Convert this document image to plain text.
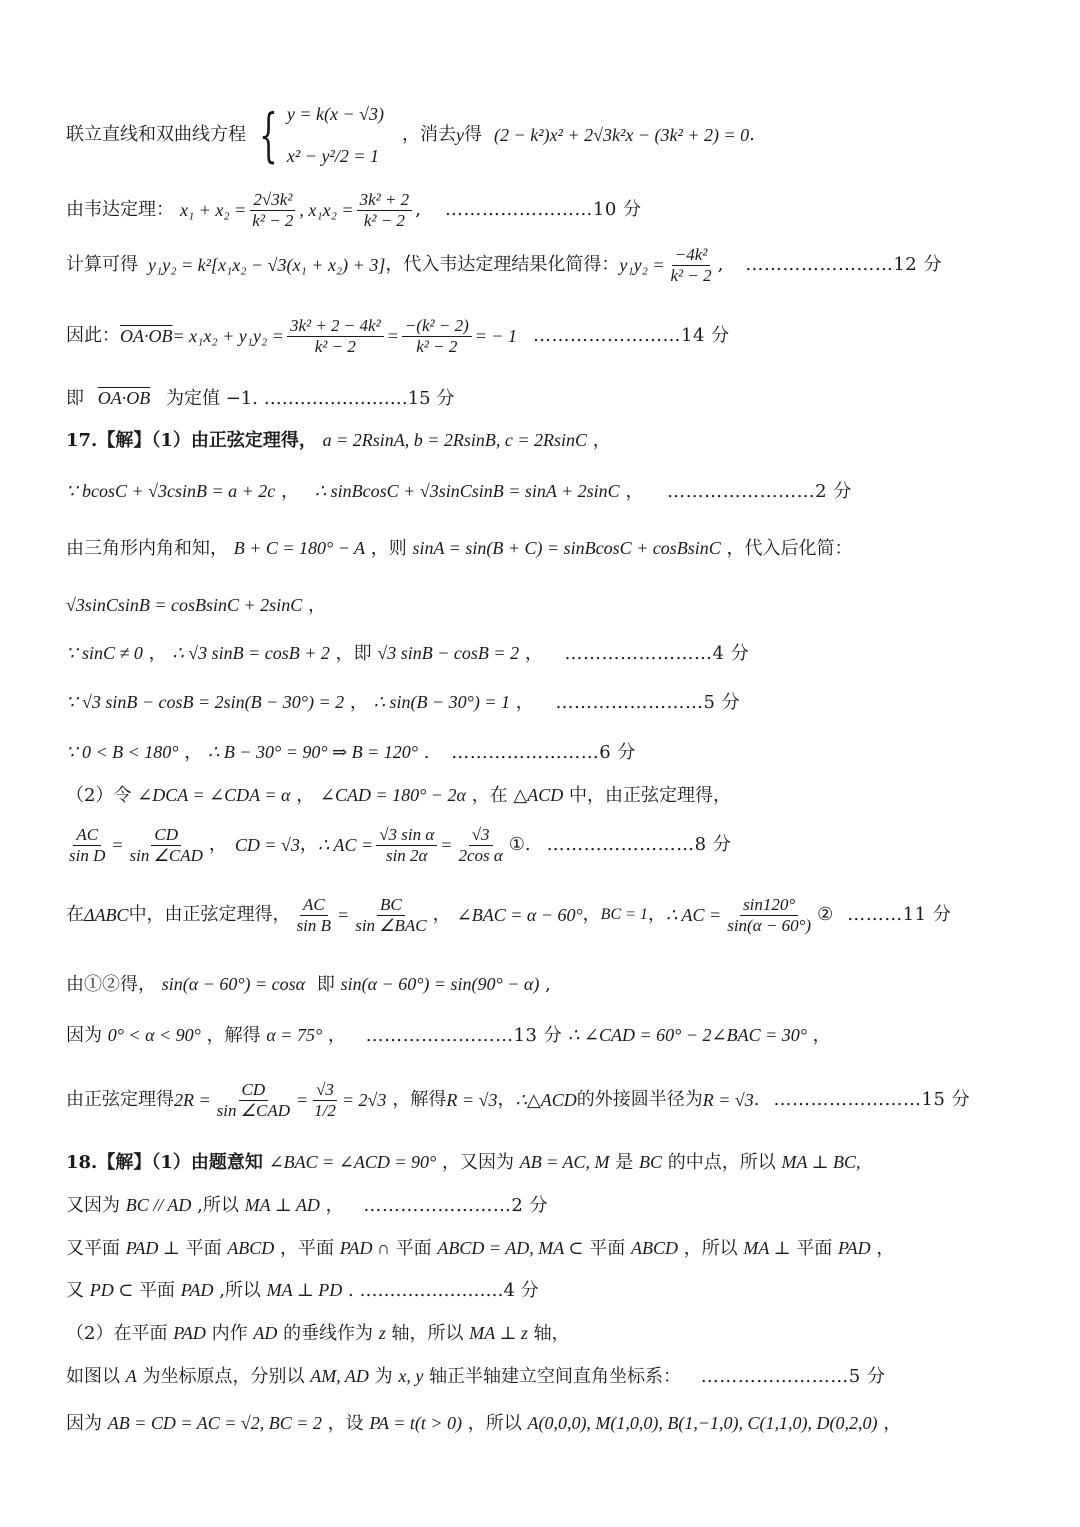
联立直线和双曲线方程 { y = k(x − √3)
x² − y²/2 = 1
，消去 y 得 (2 − k²)x² + 2√3k²x − (3k² + 2) = 0 .
由韦达定理： $x_1 + x_2 = \frac{\text{2√3k²}}{\text{k² − 2}}$ , $x_1x_2 = \frac{\text{3k² + 2}}{\text{k² − 2}}$ , ……………………10 分
计算可得 y₁y₂ = k²[x₁x₂ − √3(x₁ + x₂) + 3] ，代入韦达定理结果化简得： $y_1y_2 = \frac{\text{−4k²}}{\text{k² − 2}}$ , ……………………12 分
因此： $OA\cdot OB = x_1x_2 + y_1y_2 = \frac{\text{3k² + 2 − 4k²}}{\text{k² − 2}} = \frac{\text{−(k² − 2)}}{\text{k² − 2}}$ = − 1 ……………………14 分
即 OA·OB 为定值 −1. ……………………15 分
17.【解】（1）由正弦定理得， a = 2RsinA, b = 2RsinB, c = 2RsinC ，
∵ bcosC + √3csinB = a + 2c ， ∴ sinBcosC + √3sinCsinB = sinA + 2sinC ， ……………………2 分
由三角形内角和知， B + C = 180° − A ，则 sinA = sin(B + C) = sinBcosC + cosBsinC ，代入后化简：
√3sinCsinB = cosBsinC + 2sinC ，
∵ sinC ≠ 0 ， ∴ √3 sinB = cosB + 2 ，即 √3 sinB − cosB = 2 ， ……………………4 分
∵ √3 sinB − cosB = 2sin(B − 30°) = 2 ， ∴ sin(B − 30°) = 1 ， ……………………5 分
∵ 0 < B < 180° ， ∴ B − 30° = 90° ⇒ B = 120° . ……………………6 分
（2）令 ∠DCA = ∠CDA = α ， ∠CAD = 180° − 2α ，在 △ACD 中，由正弦定理得，
$\frac{AC}{\text{sin D}} = \frac{CD}{\text{sin ∠CAD}}$ ， CD = √3 ， ∴ AC = $\frac{\text{√3 sin α}}{\sin 2\alpha} = \frac{√3}{\text{2cos α}}$ ①. ……………………8 分
在 ΔABC 中，由正弦定理得， $\frac{AC}{\text{sin B}} = \frac{BC}{\text{sin ∠BAC}}$ ， ∠BAC = α − 60° ， BC = 1 ， ∴ AC = $\frac{\sin 120^\circ}{\sin(\alpha - 60^\circ)}$ ② ………11 分
由①②得， sin(α − 60°) = cosα 即 sin(α − 60°) = sin(90° − α) ,
因为 0° < α < 90° ，解得 α = 75° ， ……………………13 分 ∴ ∠CAD = 60° − 2∠BAC = 30° ，
由正弦定理得 $2R = \frac{CD}{\text{sin ∠CAD}} = \frac{√3}{1/2} = 2√3$ ，解得 R = √3 ， ∴△ACD 的外接圆半径为 R = √3 . ……………………15 分
18.【解】（1）由题意知 ∠BAC = ∠ACD = 90° ，又因为 AB = AC, M 是 BC 的中点，所以 MA ⊥ BC,
又因为 BC // AD ,所以 MA ⊥ AD ， ……………………2 分
又平面 PAD ⊥ 平面 ABCD ，平面 PAD ∩ 平面 ABCD = AD, MA ⊂ 平面 ABCD ，所以 MA ⊥ 平面 PAD ，
又 PD ⊂ 平面 PAD ,所以 MA ⊥ PD . ……………………4 分
（2）在平面 PAD 内作 AD 的垂线作为 z 轴，所以 MA ⊥ z 轴，
如图以 A 为坐标原点，分别以 AM, AD 为 x, y 轴正半轴建立空间直角坐标系： ……………………5 分
因为 AB = CD = AC = √2, BC = 2 ，设 PA = t(t > 0) ，所以 A(0,0,0), M(1,0,0), B(1,−1,0), C(1,1,0), D(0,2,0) ，
